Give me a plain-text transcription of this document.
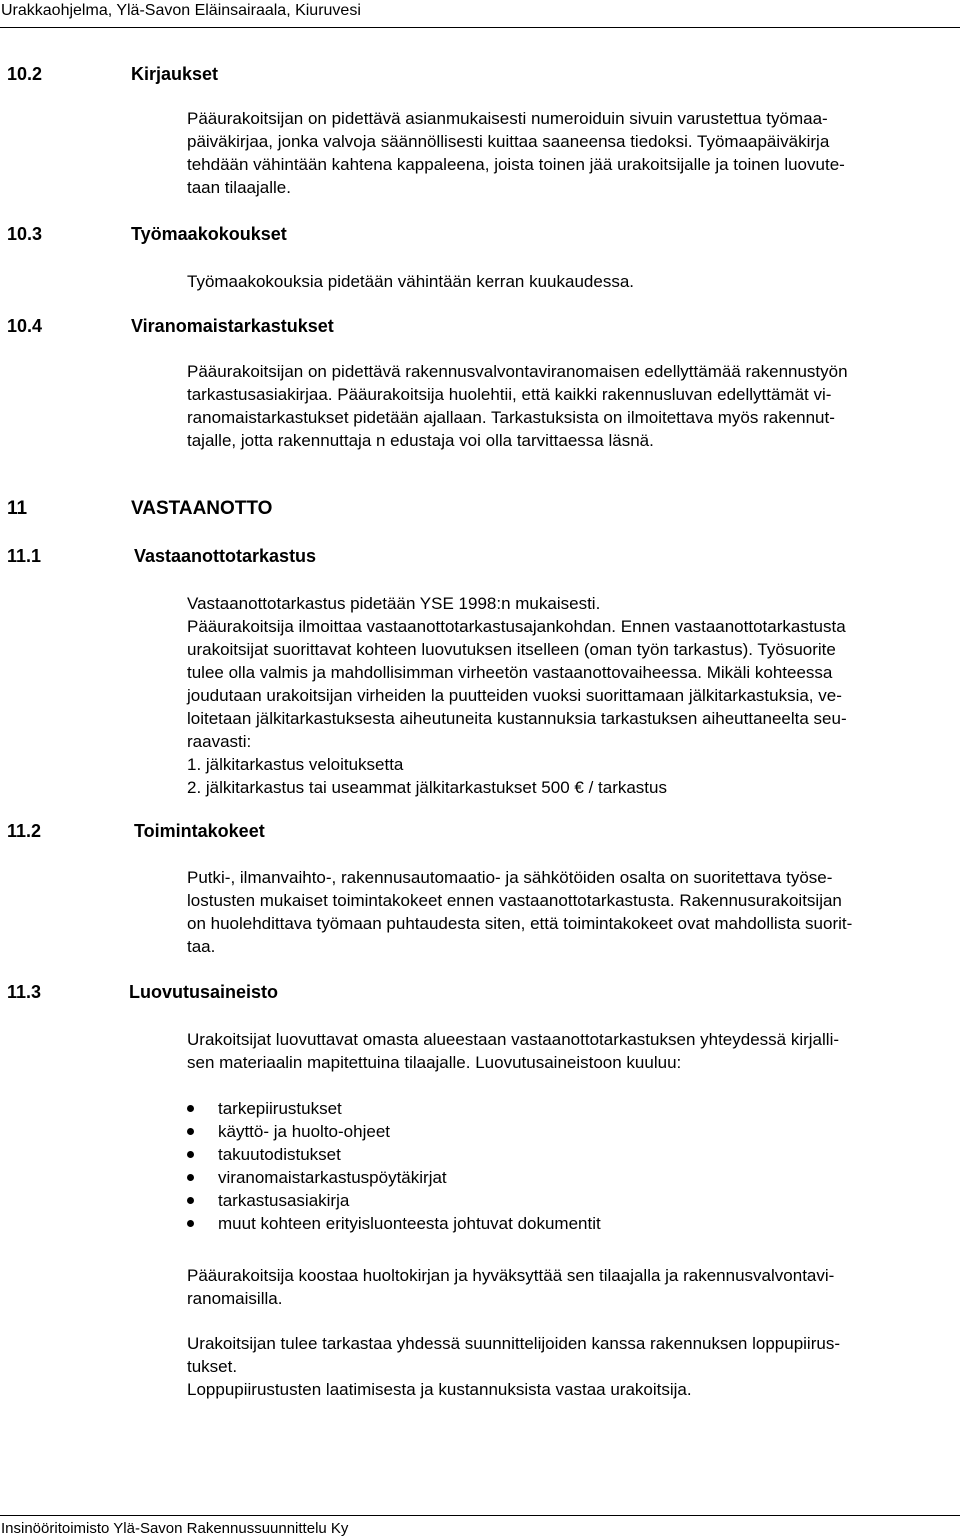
Urakkaohjelma, Ylä-Savon Eläinsairaala, Kiuruvesi
10.2	Kirjaukset

Pääurakoitsijan on pidettävä asianmukaisesti numeroiduin sivuin varustettua työmaa-

päiväkirjaa, jonka valvoja säännöllisesti kuittaa saaneensa tiedoksi. Työmaapäiväkirja

tehdään vähintään kahtena kappaleena, joista toinen jää urakoitsijalle ja toinen luovute-

taan tilaajalle.

10.3	Työmaakokoukset

Työmaakokouksia pidetään vähintään kerran kuukaudessa.

10.4	Viranomaistarkastukset

Pääurakoitsijan on pidettävä rakennusvalvontaviranomaisen edellyttämää rakennustyön

tarkastusasiakirjaa. Pääurakoitsija huolehtii, että kaikki rakennusluvan edellyttämät vi-

ranomaistarkastukset pidetään ajallaan. Tarkastuksista on ilmoitettava myös rakennut-

tajalle, jotta rakennuttaja n edustaja voi olla tarvittaessa läsnä.

11	VASTAANOTTO
11.1	Vastaanottotarkastus

Vastaanottotarkastus pidetään YSE 1998:n mukaisesti.

Pääurakoitsija ilmoittaa vastaanottotarkastusajankohdan. Ennen vastaanottotarkastusta

urakoitsijat suorittavat kohteen luovutuksen itselleen (oman työn tarkastus). Työsuorite

tulee olla valmis ja mahdollisimman virheetön vastaanottovaiheessa. Mikäli kohteessa

joudutaan urakoitsijan virheiden la puutteiden vuoksi suorittamaan jälkitarkastuksia, ve-

loitetaan jälkitarkastuksesta aiheutuneita kustannuksia tarkastuksen aiheuttaneelta seu-

raavasti:

1. jälkitarkastus veloituksetta
2. jälkitarkastus tai useammat jälkitarkastukset 500 € / tarkastus
11.2	Toimintakokeet

Putki-, ilmanvaihto-, rakennusautomaatio- ja sähkötöiden osalta on suoritettava työse-

lostusten mukaiset toimintakokeet ennen vastaanottotarkastusta. Rakennusurakoitsijan

on huolehdittava työmaan puhtaudesta siten, että toimintakokeet ovat mahdollista suorit-

taa.

11.3	Luovutusaineisto

Urakoitsijat luovuttavat omasta alueestaan vastaanottotarkastuksen yhteydessä kirjalli-

sen materiaalin mapitettuina tilaajalle. Luovutusaineistoon kuuluu:

tarkepiirustukset
käyttö- ja huolto-ohjeet
takuutodistukset
viranomaistarkastuspöytäkirjat
tarkastusasiakirja
muut kohteen erityisluonteesta johtuvat dokumentit

Pääurakoitsija koostaa huoltokirjan ja hyväksyttää sen tilaajalla ja rakennusvalvontavi-

ranomaisilla.

Urakoitsijan tulee tarkastaa yhdessä suunnittelijoiden kanssa rakennuksen loppupiirus-

tukset.

Loppupiirustusten laatimisesta ja kustannuksista vastaa urakoitsija.

Insinööritoimisto Ylä-Savon Rakennussuunnittelu Ky
